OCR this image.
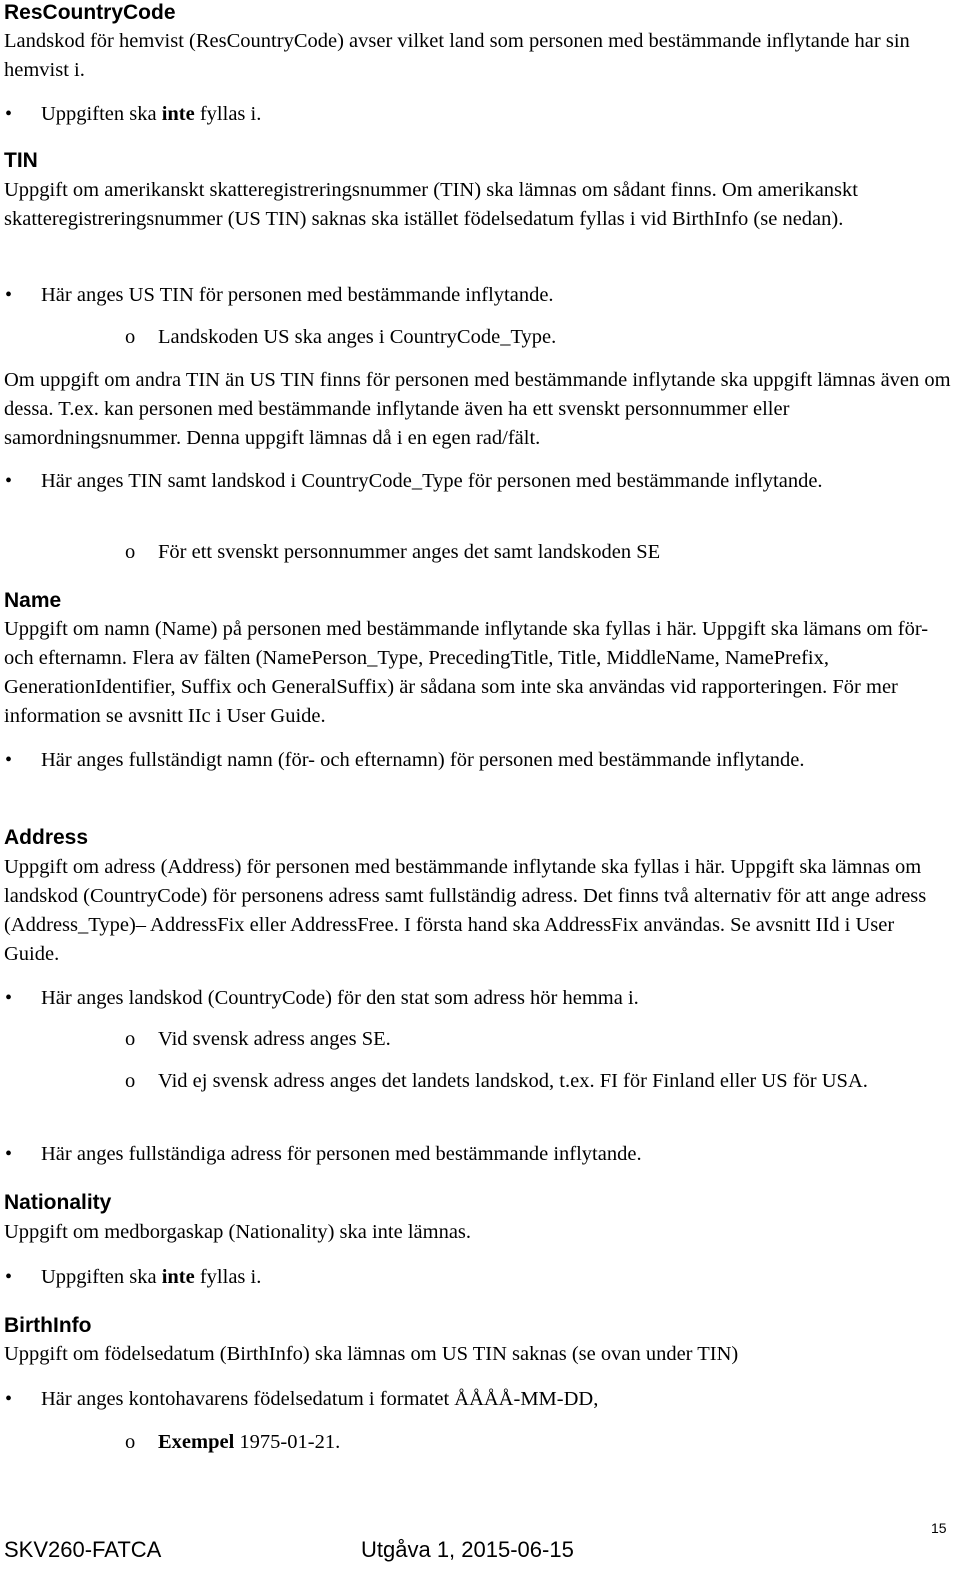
ResCountryCode

Landskod för hemvist (ResCountryCode) avser vilket land som personen med bestämmande inflytande har sin hemvist i.

• Uppgiften ska inte fyllas i.
TIN

Uppgift om amerikanskt skatteregistreringsnummer (TIN) ska lämnas om sådant finns. Om amerikanskt skatteregistreringsnummer (US TIN) saknas ska istället födelsedatum fyllas i vid BirthInfo (se nedan).

• Här anges US TIN för personen med bestämmande inflytande.
o Landskoden US ska anges i CountryCode_Type.

Om uppgift om andra TIN än US TIN finns för personen med bestämmande inflytande ska uppgift lämnas även om dessa. T.ex. kan personen med bestämmande inflytande även ha ett svenskt personnummer eller samordningsnummer. Denna uppgift lämnas då i en egen rad/fält.

• Här anges TIN samt landskod i CountryCode_Type för personen med bestämmande inflytande.
o För ett svenskt personnummer anges det samt landskoden SE
Name

Uppgift om namn (Name) på personen med bestämmande inflytande ska fyllas i här. Uppgift ska lämans om för- och efternamn. Flera av fälten (NamePerson_Type, PrecedingTitle, Title, MiddleName, NamePrefix, GenerationIdentifier, Suffix och GeneralSuffix) är sådana som inte ska användas vid rapporteringen. För mer information se avsnitt IIc i User Guide.

• Här anges fullständigt namn (för- och efternamn) för personen med bestämmande inflytande.
Address

Uppgift om adress (Address) för personen med bestämmande inflytande ska fyllas i här. Uppgift ska lämnas om landskod (CountryCode) för personens adress samt fullständig adress. Det finns två alternativ för att ange adress (Address_Type)– AddressFix eller AddressFree. I första hand ska AddressFix användas. Se avsnitt IId i User Guide.

• Här anges landskod (CountryCode) för den stat som adress hör hemma i.
o Vid svensk adress anges SE.
o Vid ej svensk adress anges det landets landskod, t.ex. FI för Finland eller US för USA.
• Här anges fullständiga adress för personen med bestämmande inflytande.
Nationality

Uppgift om medborgaskap (Nationality) ska inte lämnas.

• Uppgiften ska inte fyllas i.
BirthInfo

Uppgift om födelsedatum (BirthInfo) ska lämnas om US TIN saknas (se ovan under TIN)

• Här anges kontohavarens födelsedatum i formatet ÅÅÅÅ-MM-DD,
o Exempel 1975-01-21.
15
SKV260-FATCA	Utgåva 1, 2015-06-15
